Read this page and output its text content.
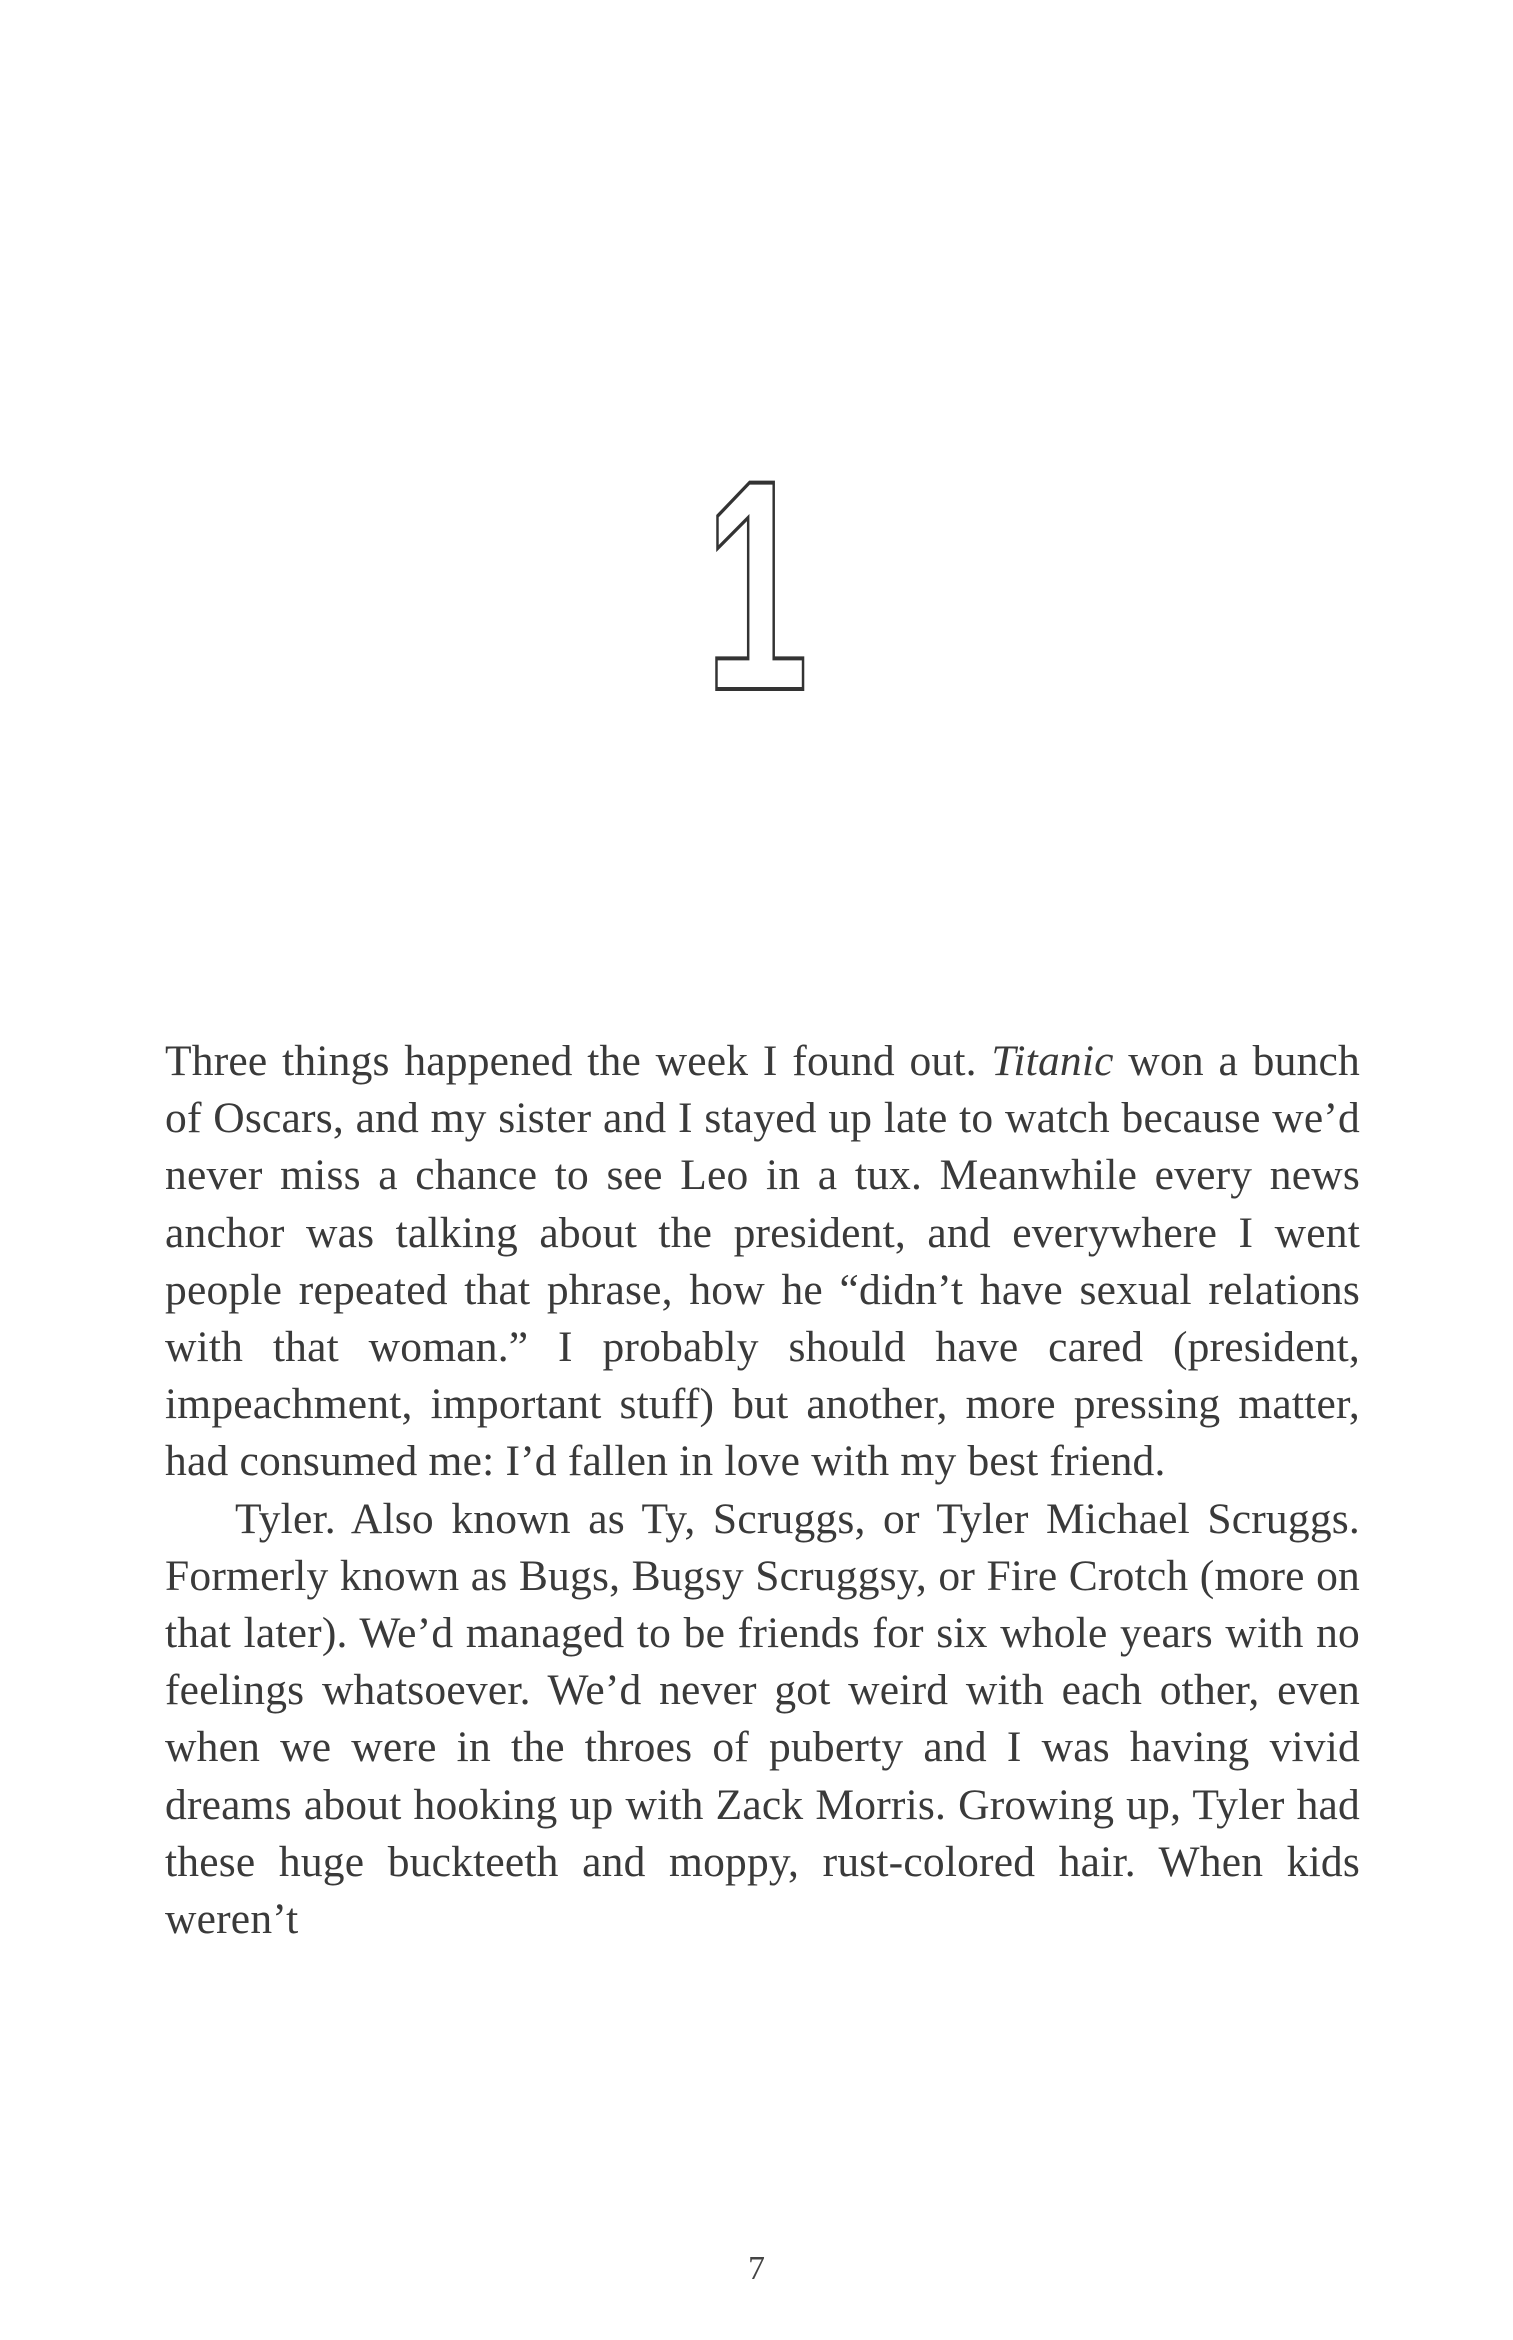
1

Three things happened the week I found out. Titanic won a bunch of Oscars, and my sister and I stayed up late to watch because we’d never miss a chance to see Leo in a tux. Meanwhile every news anchor was talking about the president, and everywhere I went people repeated that phrase, how he “didn’t have sexual relations with that woman.” I probably should have cared (president, impeachment, important stuff) but another, more pressing matter, had consumed me: I’d fallen in love with my best friend.

Tyler. Also known as Ty, Scruggs, or Tyler Michael Scruggs. Formerly known as Bugs, Bugsy Scruggsy, or Fire Crotch (more on that later). We’d managed to be friends for six whole years with no feelings whatsoever. We’d never got weird with each other, even when we were in the throes of puberty and I was having vivid dreams about hooking up with Zack Morris. Growing up, Tyler had these huge buckteeth and moppy, rust-colored hair. When kids weren’t

7
